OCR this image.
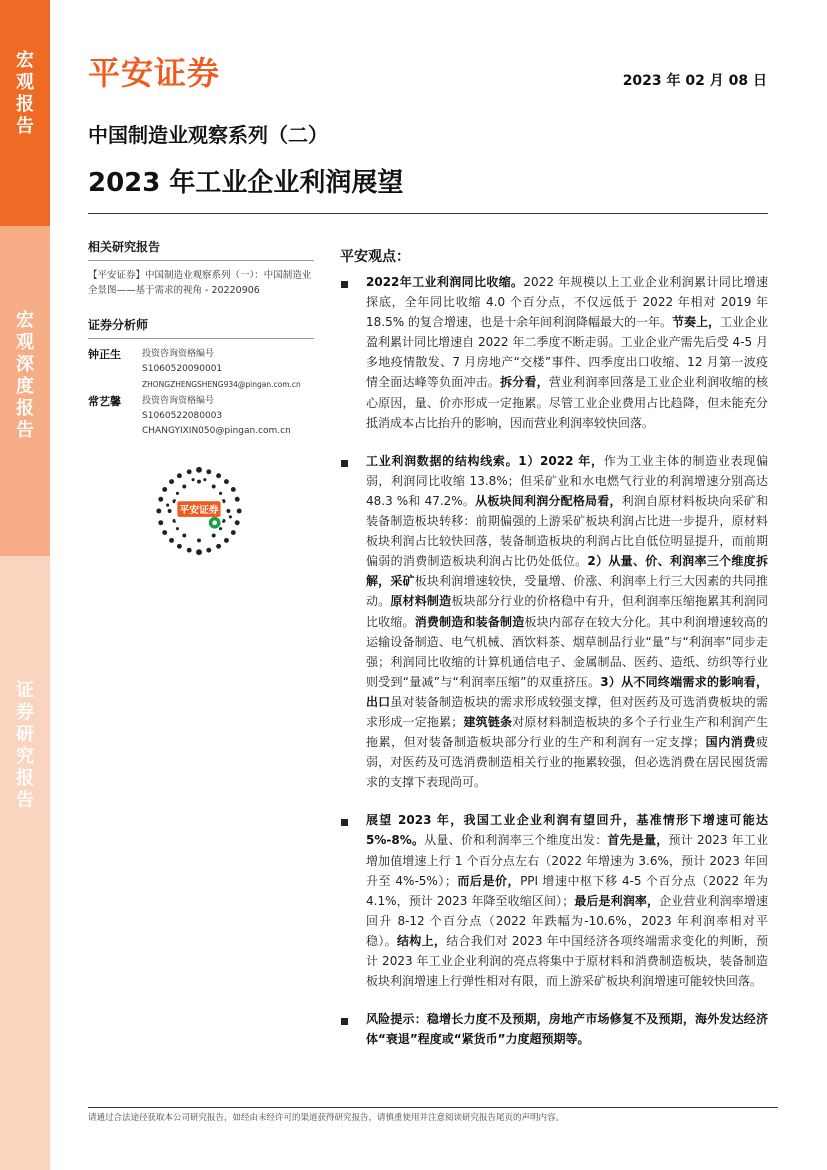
宏观报告
宏观深度报告
证券研究报告
平安证券	2023 年 02 月 08 日
中国制造业观察系列（二）
2023 年工业企业利润展望
相关研究报告
【平安证券】中国制造业观察系列（一）：中国制造业全景图——基于需求的视角 - 20220906
证券分析师
钟正生	投资咨询资格编号
S1060520090001
ZHONGZHENGSHENG934@pingan.com.cn
常艺馨	投资咨询资格编号
S1060522080003
CHANGYIXIN050@pingan.com.cn
平安证券
平安观点：

2022年工业利润同比收缩。2022 年规模以上工业企业利润累计同比增速探底，全年同比收缩 4.0 个百分点，不仅远低于 2022 年相对 2019 年 18.5% 的复合增速，也是十余年间利润降幅最大的一年。节奏上，工业企业盈利累计同比增速自 2022 年二季度不断走弱。工业企业产需先后受 4-5 月多地疫情散发、7 月房地产“交楼”事件、四季度出口收缩、12 月第一波疫情全面达峰等负面冲击。拆分看，营业利润率回落是工业企业利润收缩的核心原因，量、价亦形成一定拖累。尽管工业企业费用占比趋降，但未能充分抵消成本占比抬升的影响，因而营业利润率较快回落。

工业利润数据的结构线索。1）2022 年，作为工业主体的制造业表现偏弱，利润同比收缩 13.8%；但采矿业和水电燃气行业的利润增速分别高达 48.3 %和 47.2%。从板块间利润分配格局看，利润自原材料板块向采矿和装备制造板块转移：前期偏强的上游采矿板块利润占比进一步提升，原材料板块利润占比较快回落，装备制造板块的利润占比自低位明显提升，而前期偏弱的消费制造板块利润占比仍处低位。2）从量、价、利润率三个维度拆解，采矿板块利润增速较快，受量增、价涨、利润率上行三大因素的共同推动。原材料制造板块部分行业的价格稳中有升，但利润率压缩拖累其利润同比收缩。消费制造和装备制造板块内部存在较大分化。其中利润增速较高的运输设备制造、电气机械、酒饮料茶、烟草制品行业“量”与“利润率”同步走强；利润同比收缩的计算机通信电子、金属制品、医药、造纸、纺织等行业则受到“量减”与“利润率压缩”的双重挤压。3）从不同终端需求的影响看，出口虽对装备制造板块的需求形成较强支撑，但对医药及可选消费板块的需求形成一定拖累；建筑链条对原材料制造板块的多个子行业生产和利润产生拖累，但对装备制造板块部分行业的生产和利润有一定支撑；国内消费疲弱，对医药及可选消费制造相关行业的拖累较强，但必选消费在居民囤货需求的支撑下表现尚可。

展望 2023 年，我国工业企业利润有望回升，基准情形下增速可能达 5%-8%。从量、价和利润率三个维度出发：首先是量，预计 2023 年工业增加值增速上行 1 个百分点左右（2022 年增速为 3.6%，预计 2023 年回升至 4%-5%）；而后是价，PPI 增速中枢下移 4-5 个百分点（2022 年为 4.1%，预计 2023 年降至收缩区间）；最后是利润率，企业营业利润率增速回升 8-12 个百分点（2022 年跌幅为-10.6%，2023 年利润率相对平稳）。结构上，结合我们对 2023 年中国经济各项终端需求变化的判断，预计 2023 年工业企业利润的亮点将集中于原材料和消费制造板块，装备制造板块利润增速上行弹性相对有限，而上游采矿板块利润增速可能较快回落。

风险提示：稳增长力度不及预期，房地产市场修复不及预期，海外发达经济体“衰退”程度或“紧货币”力度超预期等。

请通过合法途径获取本公司研究报告，如经由未经许可的渠道获得研究报告，请慎重使用并注意阅读研究报告尾页的声明内容。
